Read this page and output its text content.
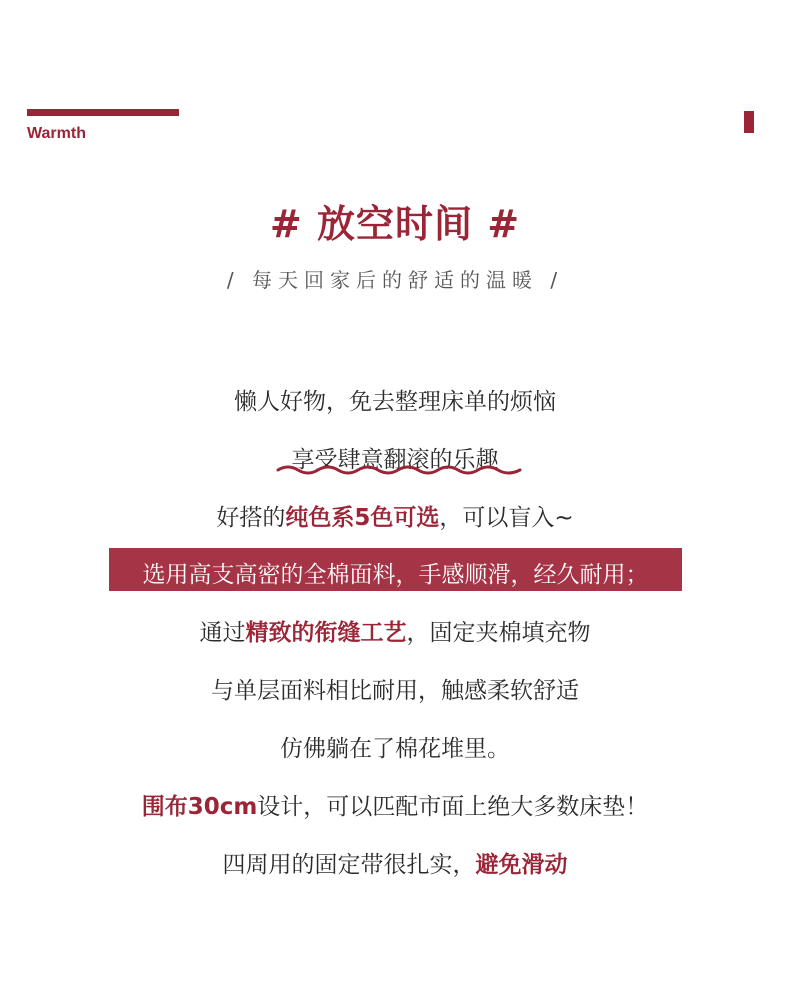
Warmth
# 放空时间 #
/ 每天回家后的舒适的温暖 /
懒人好物，免去整理床单的烦恼
享受肆意翻滚的乐趣
好搭的纯色系5色可选，可以盲入~
选用高支高密的全棉面料，手感顺滑，经久耐用；
通过精致的衔缝工艺，固定夹棉填充物
与单层面料相比耐用，触感柔软舒适
仿佛躺在了棉花堆里。
围布30cm设计，可以匹配市面上绝大多数床垫！
四周用的固定带很扎实，避免滑动
